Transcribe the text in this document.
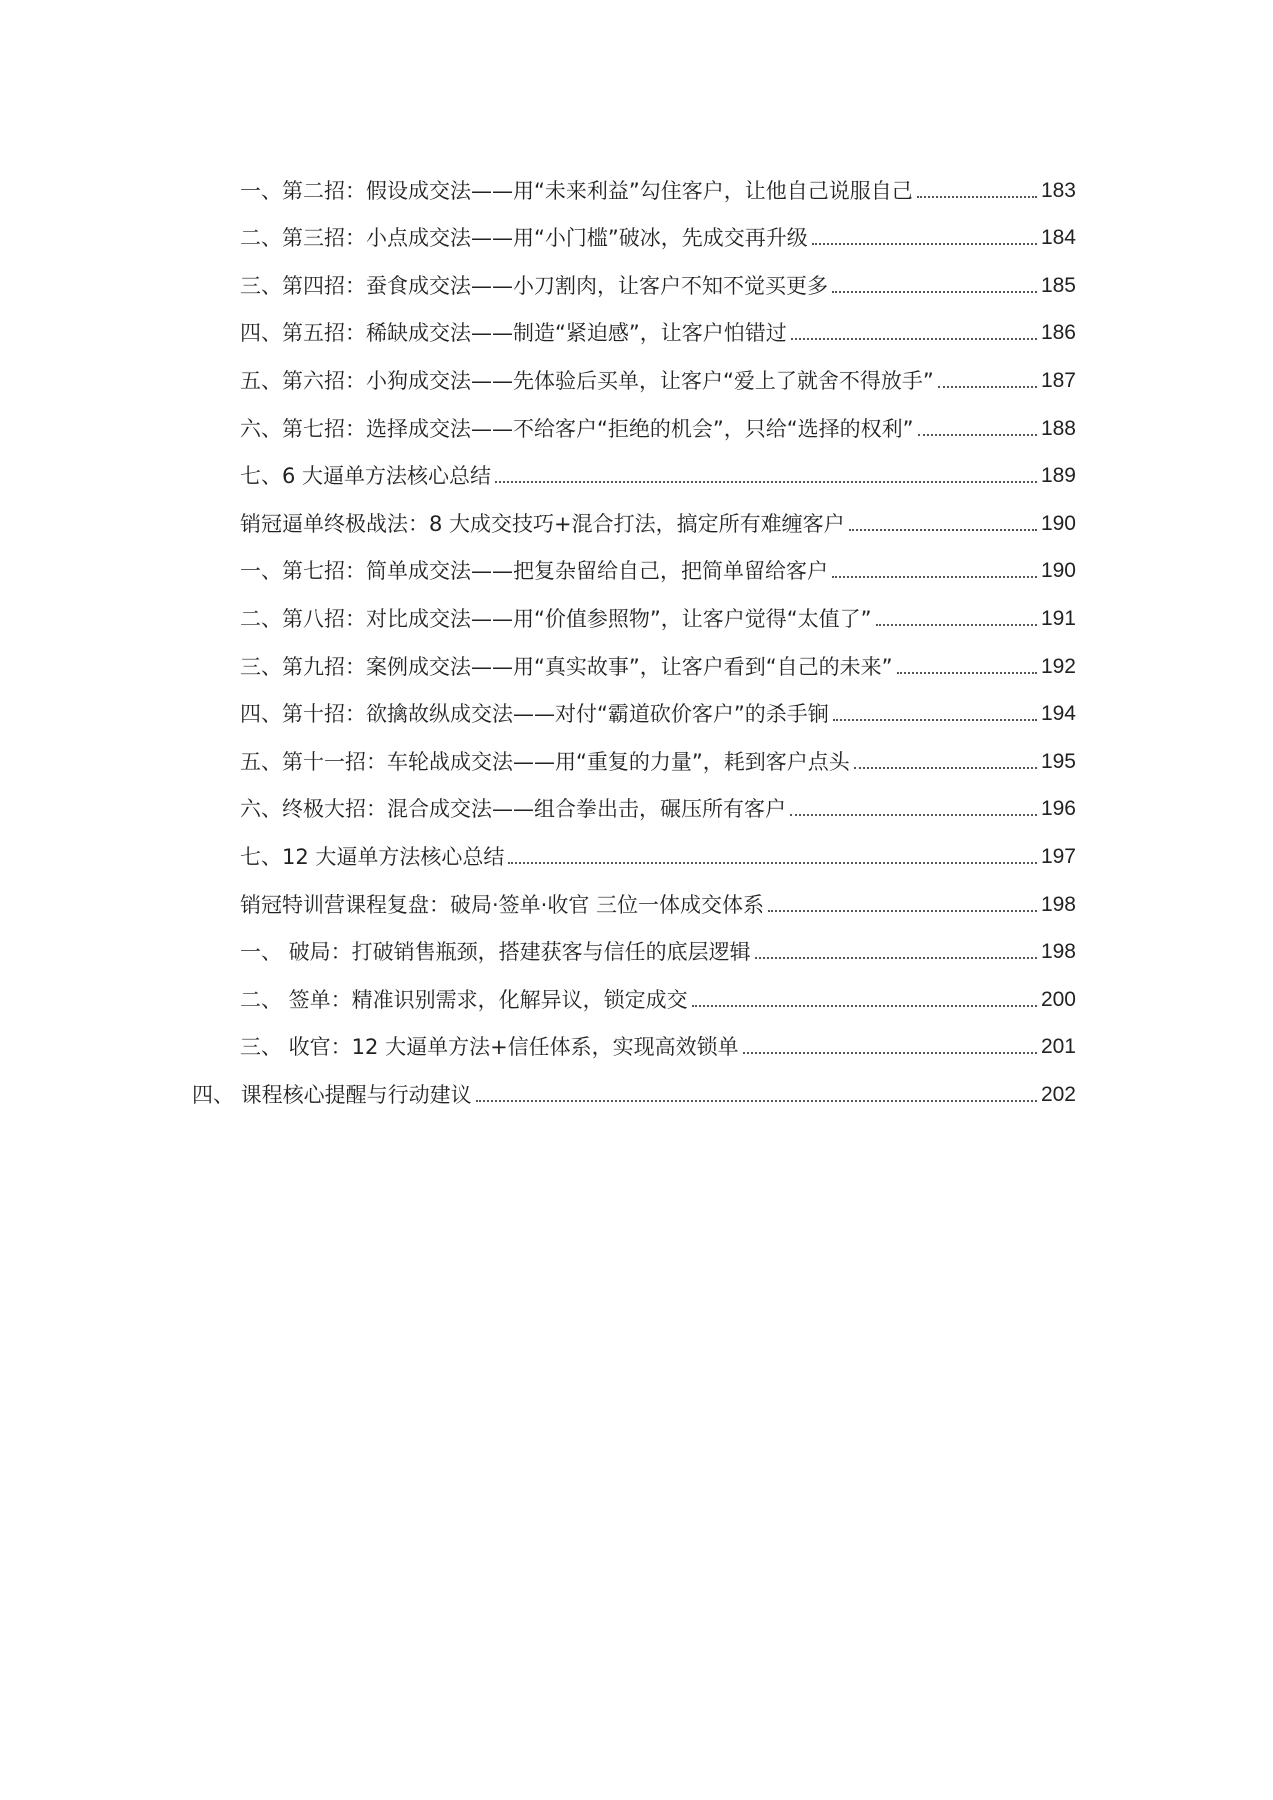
一、第二招：假设成交法——用“未来利益”勾住客户，让他自己说服自己	183
二、第三招：小点成交法——用“小门槛”破冰，先成交再升级	184
三、第四招：蚕食成交法——小刀割肉，让客户不知不觉买更多	185
四、第五招：稀缺成交法——制造“紧迫感”，让客户怕错过	186
五、第六招：小狗成交法——先体验后买单，让客户“爱上了就舍不得放手”	187
六、第七招：选择成交法——不给客户“拒绝的机会”，只给“选择的权利”	188
七、6 大逼单方法核心总结	189
销冠逼单终极战法：8 大成交技巧+混合打法，搞定所有难缠客户	190
一、第七招：简单成交法——把复杂留给自己，把简单留给客户	190
二、第八招：对比成交法——用“价值参照物”，让客户觉得“太值了”	191
三、第九招：案例成交法——用“真实故事”，让客户看到“自己的未来”	192
四、第十招：欲擒故纵成交法——对付“霸道砍价客户”的杀手锏	194
五、第十一招：车轮战成交法——用“重复的力量”，耗到客户点头	195
六、终极大招：混合成交法——组合拳出击，碾压所有客户	196
七、12 大逼单方法核心总结	197
销冠特训营课程复盘：破局·签单·收官 三位一体成交体系	198
一、 破局：打破销售瓶颈，搭建获客与信任的底层逻辑	198
二、 签单：精准识别需求，化解异议，锁定成交	200
三、 收官：12 大逼单方法+信任体系，实现高效锁单	201
四、 课程核心提醒与行动建议	202
